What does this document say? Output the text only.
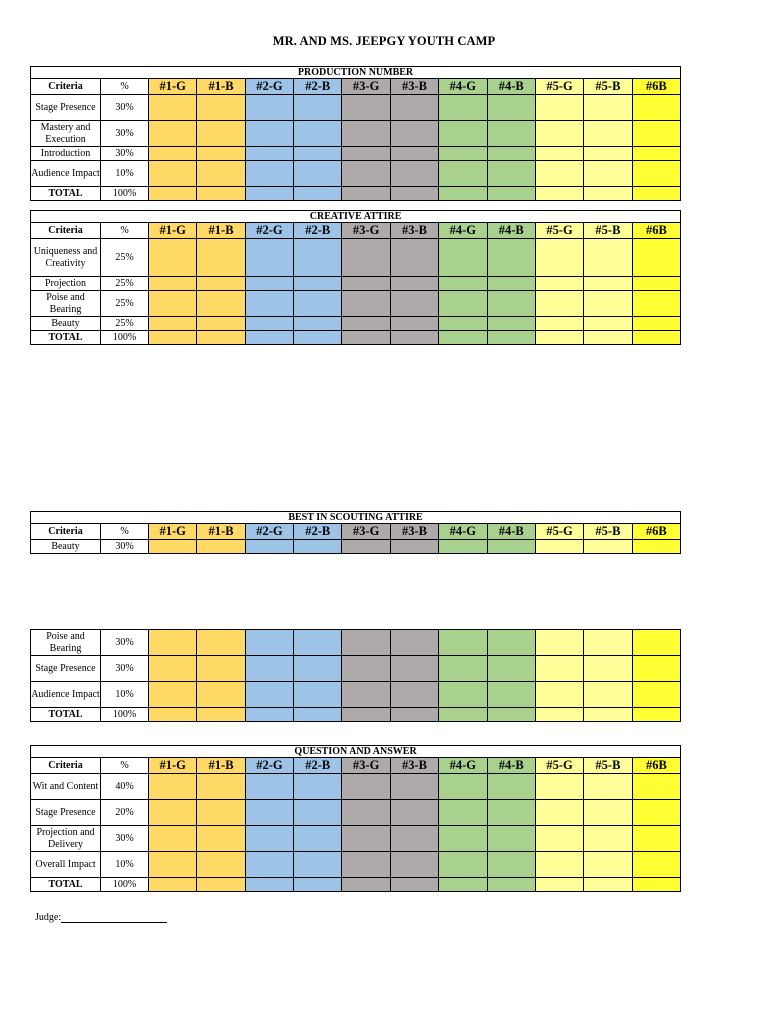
MR. AND MS. JEEPGY YOUTH CAMP
PRODUCTION NUMBER												
Criteria	%	#1-G	#1-B	#2-G	#2-B	#3-G	#3-B	#4-G	#4-B	#5-G	#5-B	#6B
Stage Presence	30%											
Mastery and Execution	30%											
Introduction	30%											
Audience Impact	10%											
TOTAL	100%											
CREATIVE ATTIRE												
Criteria	%	#1-G	#1-B	#2-G	#2-B	#3-G	#3-B	#4-G	#4-B	#5-G	#5-B	#6B
Uniqueness and Creativity	25%											
Projection	25%											
Poise and Bearing	25%											
Beauty	25%											
TOTAL	100%											
BEST IN SCOUTING ATTIRE												
Criteria	%	#1-G	#1-B	#2-G	#2-B	#3-G	#3-B	#4-G	#4-B	#5-G	#5-B	#6B
Beauty	30%											
Poise and Bearing	30%											
Stage Presence	30%											
Audience Impact	10%											
TOTAL	100%											
QUESTION AND ANSWER												
Criteria	%	#1-G	#1-B	#2-G	#2-B	#3-G	#3-B	#4-G	#4-B	#5-G	#5-B	#6B
Wit and Content	40%											
Stage Presence	20%											
Projection and Delivery	30%											
Overall Impact	10%											
TOTAL	100%											
Judge:
